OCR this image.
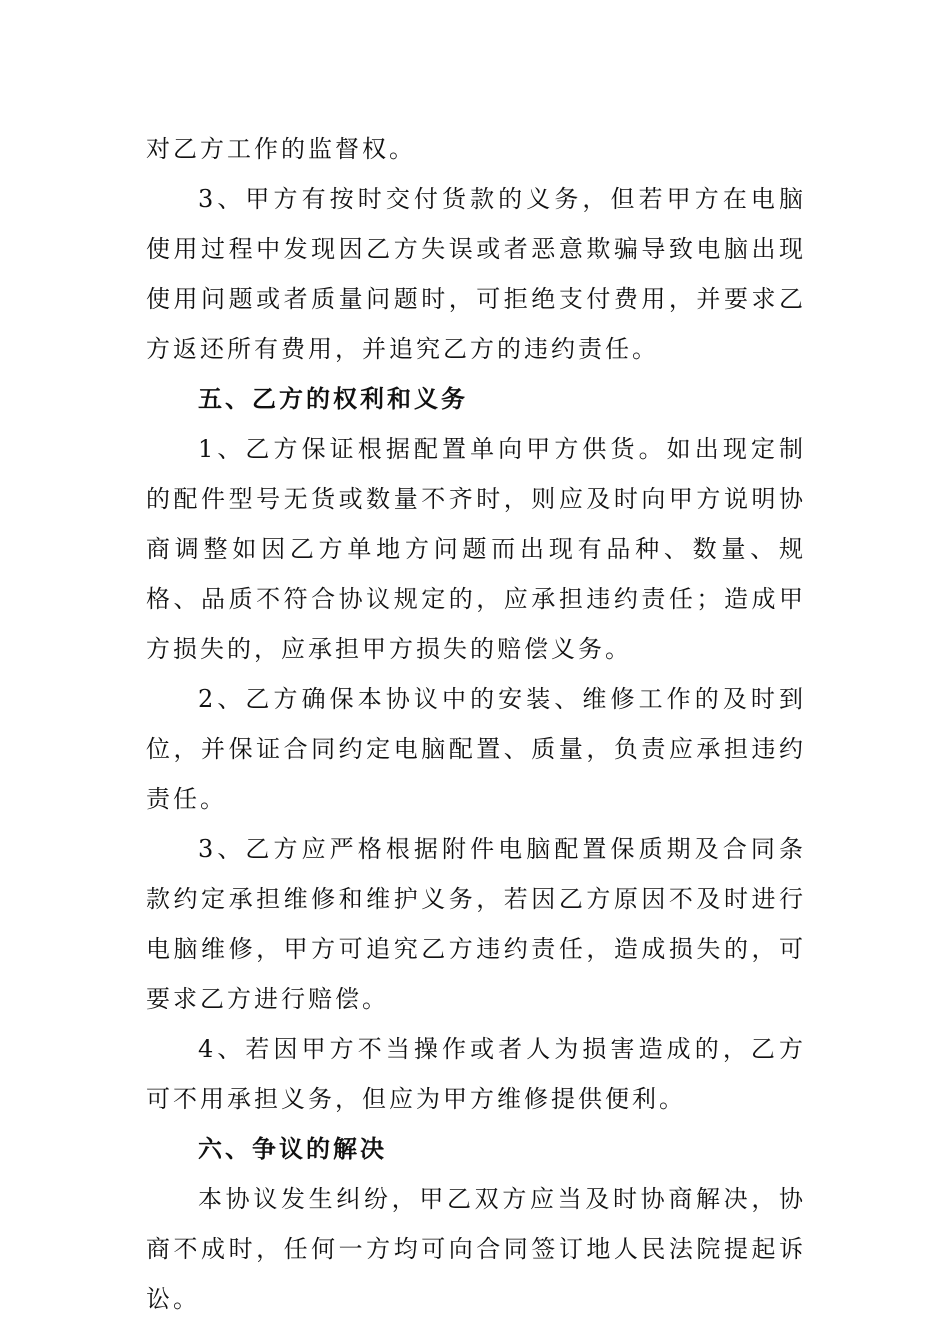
对乙方工作的监督权。

3、甲方有按时交付货款的义务，但若甲方在电脑使用过程中发现因乙方失误或者恶意欺骗导致电脑出现使用问题或者质量问题时，可拒绝支付费用，并要求乙方返还所有费用，并追究乙方的违约责任。

五、乙方的权利和义务

1、乙方保证根据配置单向甲方供货。如出现定制的配件型号无货或数量不齐时，则应及时向甲方说明协商调整如因乙方单地方问题而出现有品种、数量、规格、品质不符合协议规定的，应承担违约责任；造成甲方损失的，应承担甲方损失的赔偿义务。

2、乙方确保本协议中的安装、维修工作的及时到位，并保证合同约定电脑配置、质量，负责应承担违约责任。

3、乙方应严格根据附件电脑配置保质期及合同条款约定承担维修和维护义务，若因乙方原因不及时进行电脑维修，甲方可追究乙方违约责任，造成损失的，可要求乙方进行赔偿。

4、若因甲方不当操作或者人为损害造成的，乙方可不用承担义务，但应为甲方维修提供便利。

六、争议的解决

本协议发生纠纷，甲乙双方应当及时协商解决，协商不成时，任何一方均可向合同签订地人民法院提起诉讼。
